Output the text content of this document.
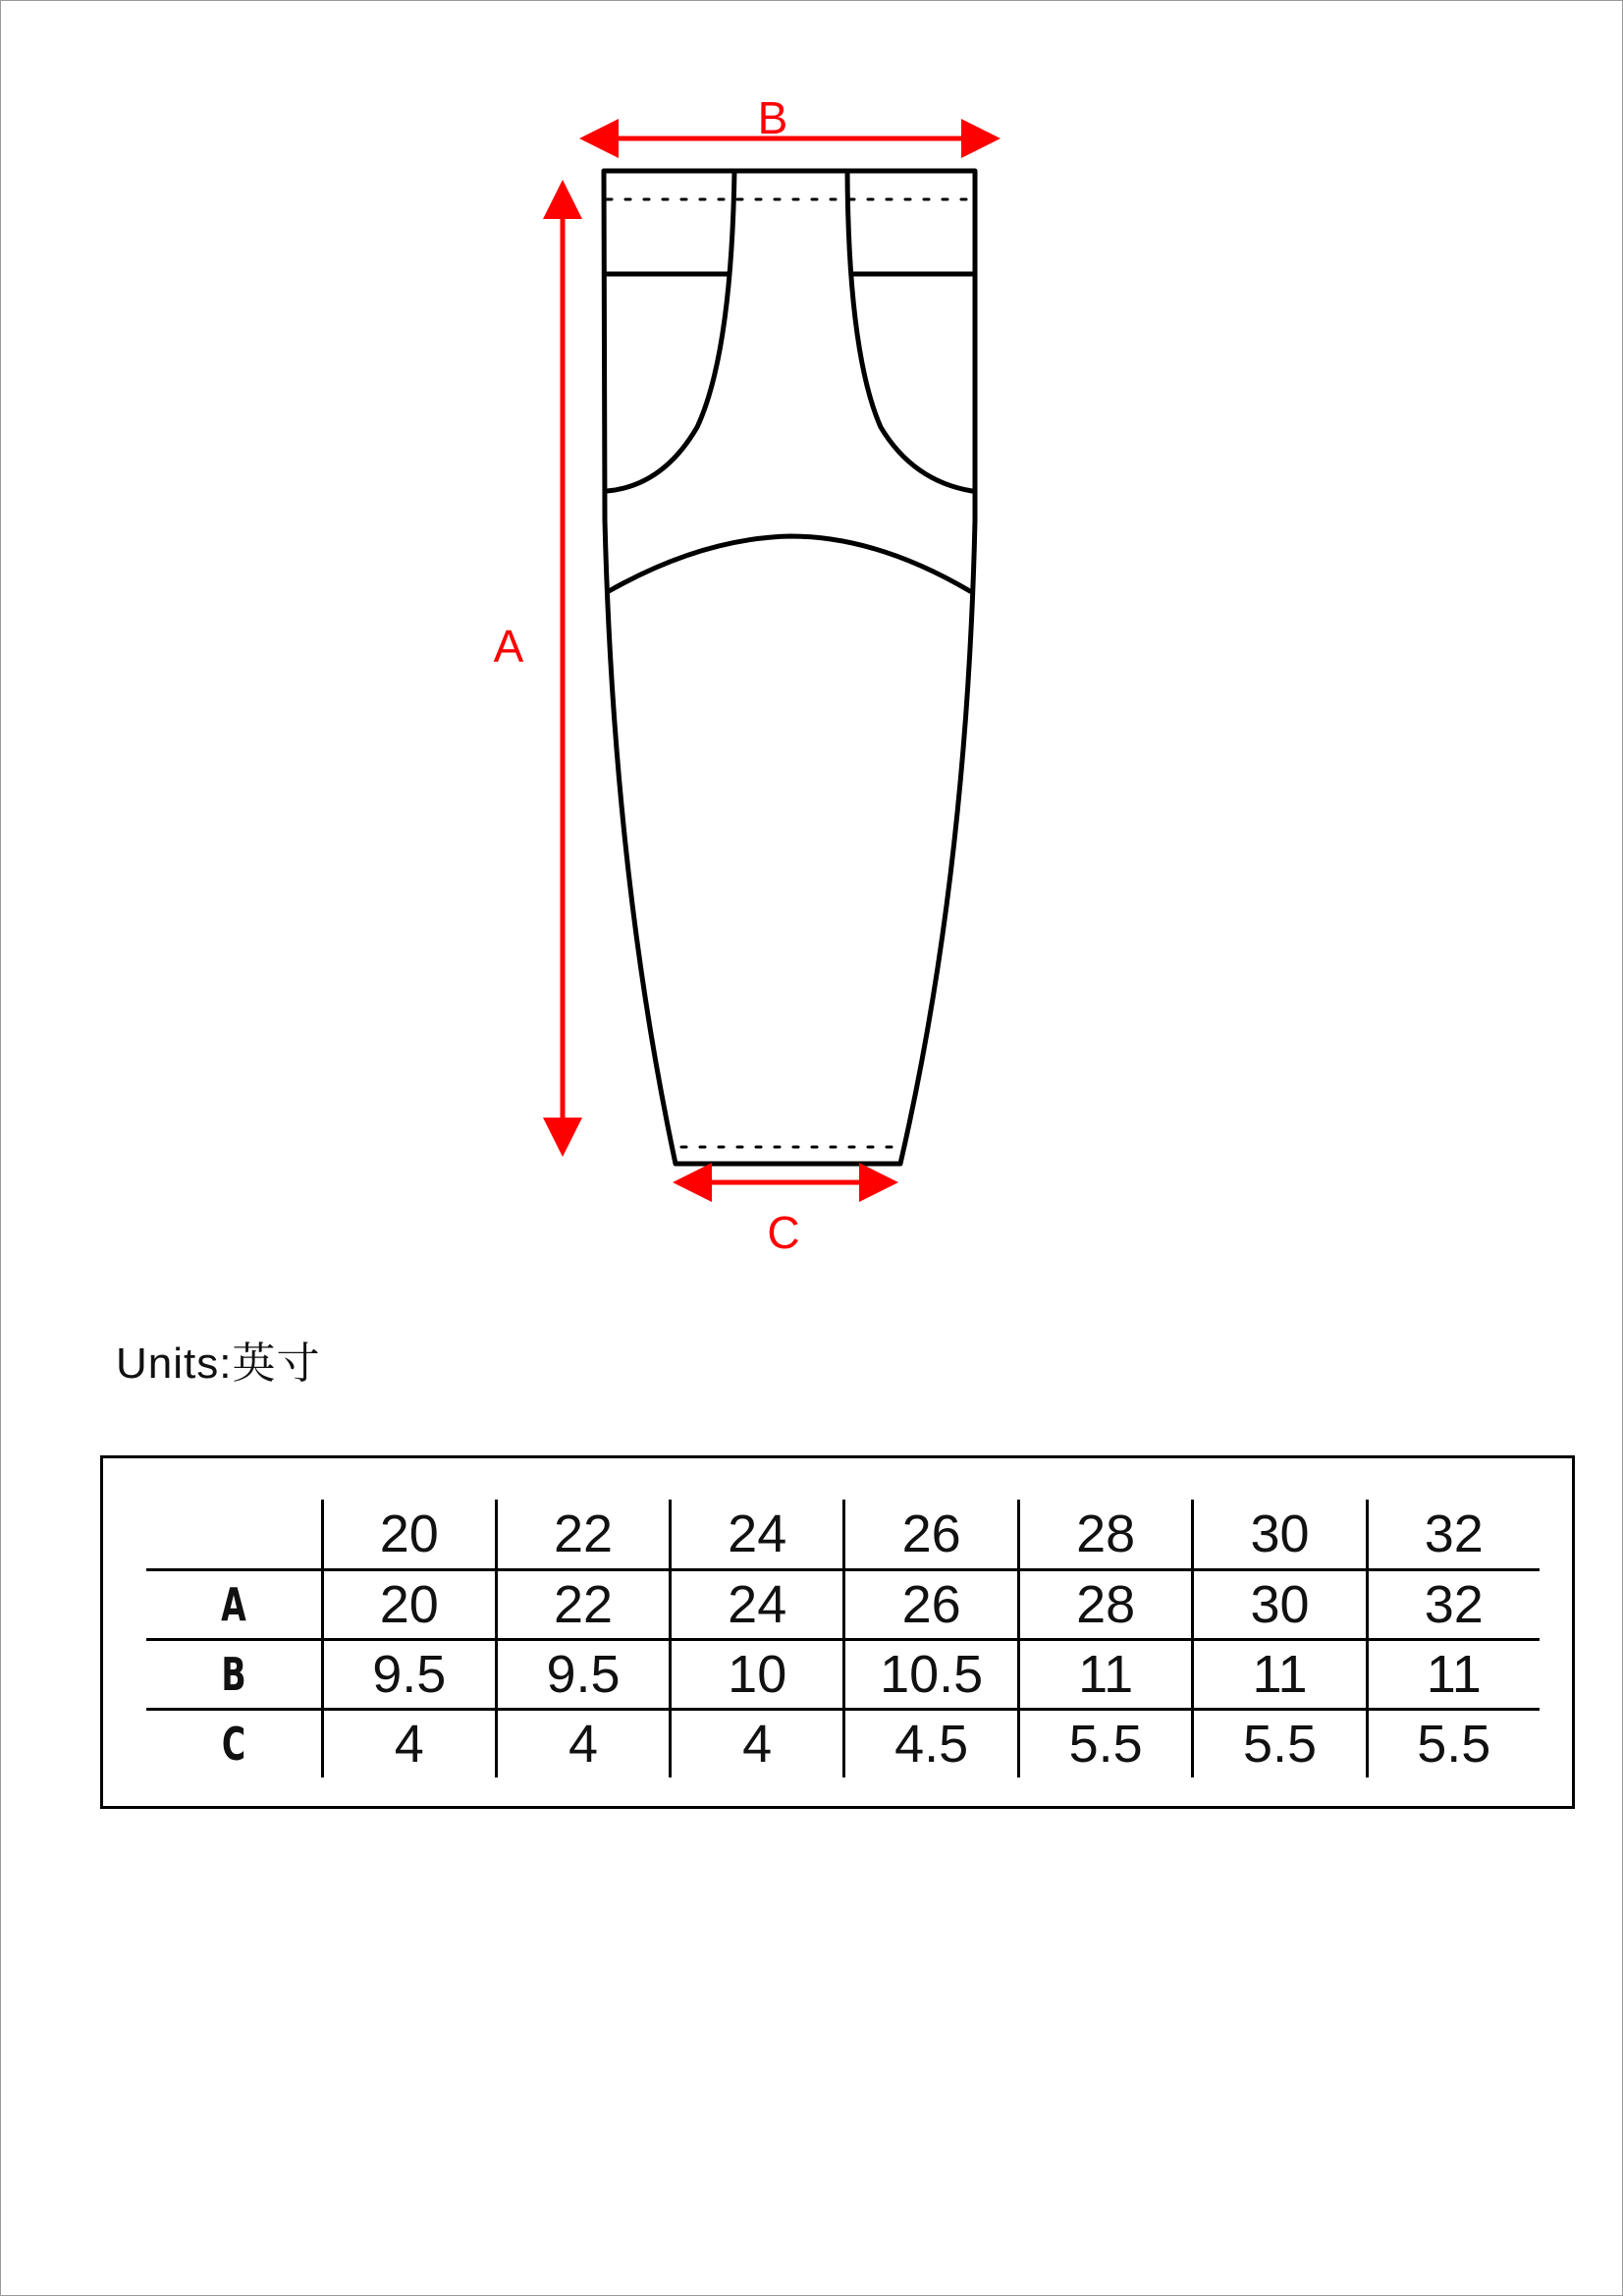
B
A
C
Units:英寸
	20	22	24	26	28	30	32
A	20	22	24	26	28	30	32
B	9.5	9.5	10	10.5	11	11	11
C	4	4	4	4.5	5.5	5.5	5.5
